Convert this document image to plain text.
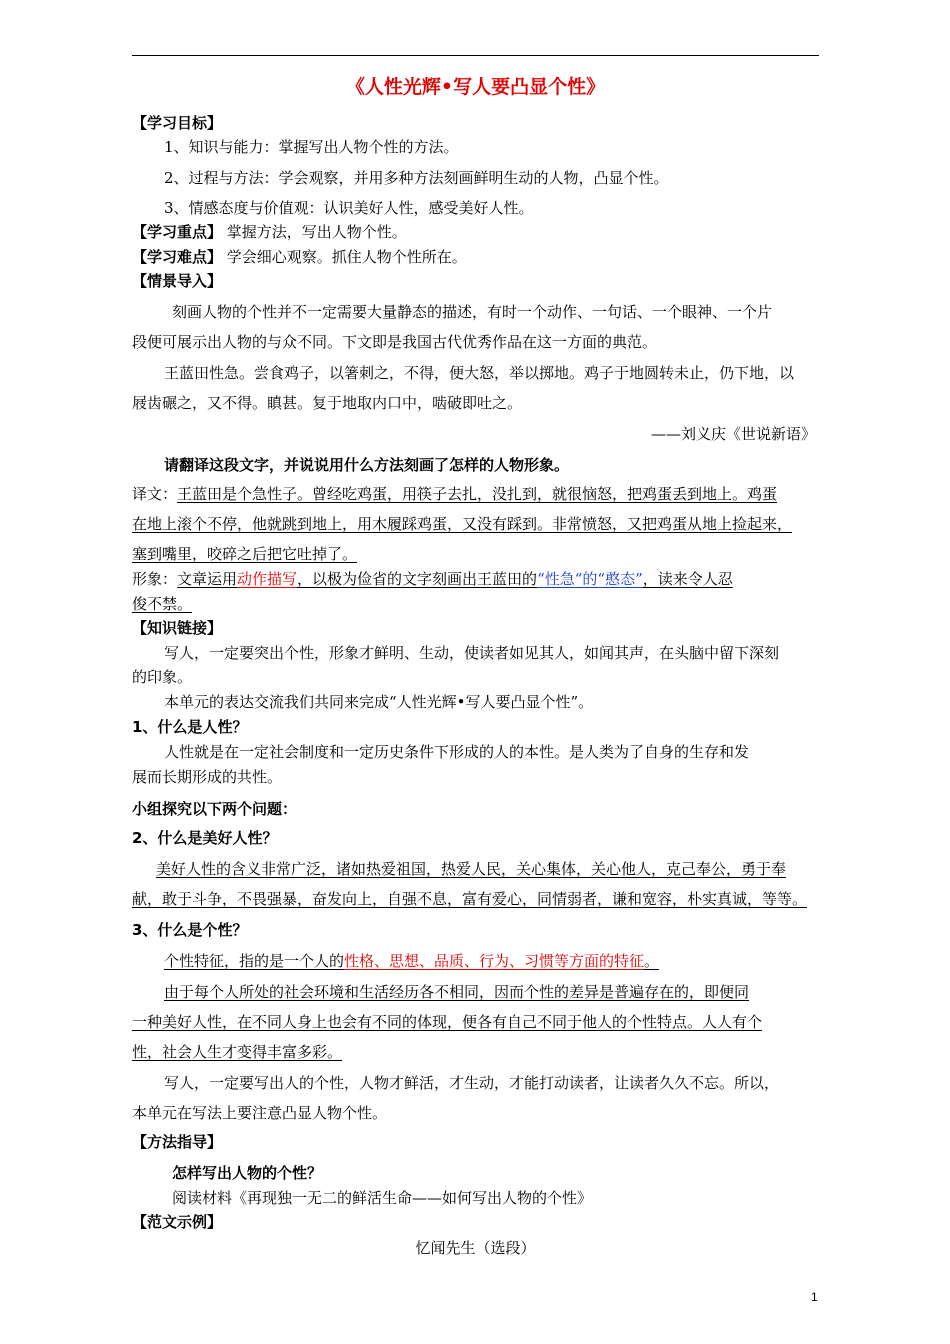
《人性光辉•写人要凸显个性》
【学习目标】
1、知识与能力：掌握写出人物个性的方法。
2、过程与方法：学会观察，并用多种方法刻画鲜明生动的人物，凸显个性。
3、情感态度与价值观：认识美好人性，感受美好人性。
【学习重点】 掌握方法，写出人物个性。
【学习难点】 学会细心观察。抓住人物个性所在。
【情景导入】
刻画人物的个性并不一定需要大量静态的描述，有时一个动作、一句话、一个眼神、一个片
段便可展示出人物的与众不同。下文即是我国古代优秀作品在这一方面的典范。
王蓝田性急。尝食鸡子，以箸刺之，不得，便大怒，举以掷地。鸡子于地圆转未止，仍下地，以
屐齿碾之，又不得。瞋甚。复于地取内口中，啮破即吐之。
——刘义庆《世说新语》
请翻译这段文字，并说说用什么方法刻画了怎样的人物形象。
译文：王蓝田是个急性子。曾经吃鸡蛋，用筷子去扎，没扎到，就很恼怒，把鸡蛋丢到地上。鸡蛋
在地上滚个不停，他就跳到地上，用木履踩鸡蛋，又没有踩到。非常愤怒，又把鸡蛋从地上捡起来，
塞到嘴里，咬碎之后把它吐掉了。
形象：文章运用动作描写，以极为俭省的文字刻画出王蓝田的“性急“的“憨态”，读来令人忍
俊不禁。
【知识链接】
写人，一定要突出个性，形象才鲜明、生动，使读者如见其人，如闻其声，在头脑中留下深刻
的印象。
本单元的表达交流我们共同来完成“人性光辉•写人要凸显个性”。
1、什么是人性？
人性就是在一定社会制度和一定历史条件下形成的人的本性。是人类为了自身的生存和发
展而长期形成的共性。
小组探究以下两个问题：
2、什么是美好人性？
美好人性的含义非常广泛，诸如热爱祖国，热爱人民，关心集体，关心他人，克己奉公，勇于奉
献，敢于斗争，不畏强暴，奋发向上，自强不息，富有爱心，同情弱者，谦和宽容，朴实真诚，等等。
3、什么是个性？
个性特征，指的是一个人的性格、思想、品质、行为、习惯等方面的特征。
由于每个人所处的社会环境和生活经历各不相同，因而个性的差异是普遍存在的，即便同
一种美好人性，在不同人身上也会有不同的体现，便各有自己不同于他人的个性特点。人人有个
性，社会人生才变得丰富多彩。
写人，一定要写出人的个性，人物才鲜活，才生动，才能打动读者，让读者久久不忘。所以，
本单元在写法上要注意凸显人物个性。
【方法指导】
怎样写出人物的个性？
阅读材料《再现独一无二的鲜活生命——如何写出人物的个性》
【范文示例】
忆闻先生（选段）
1
